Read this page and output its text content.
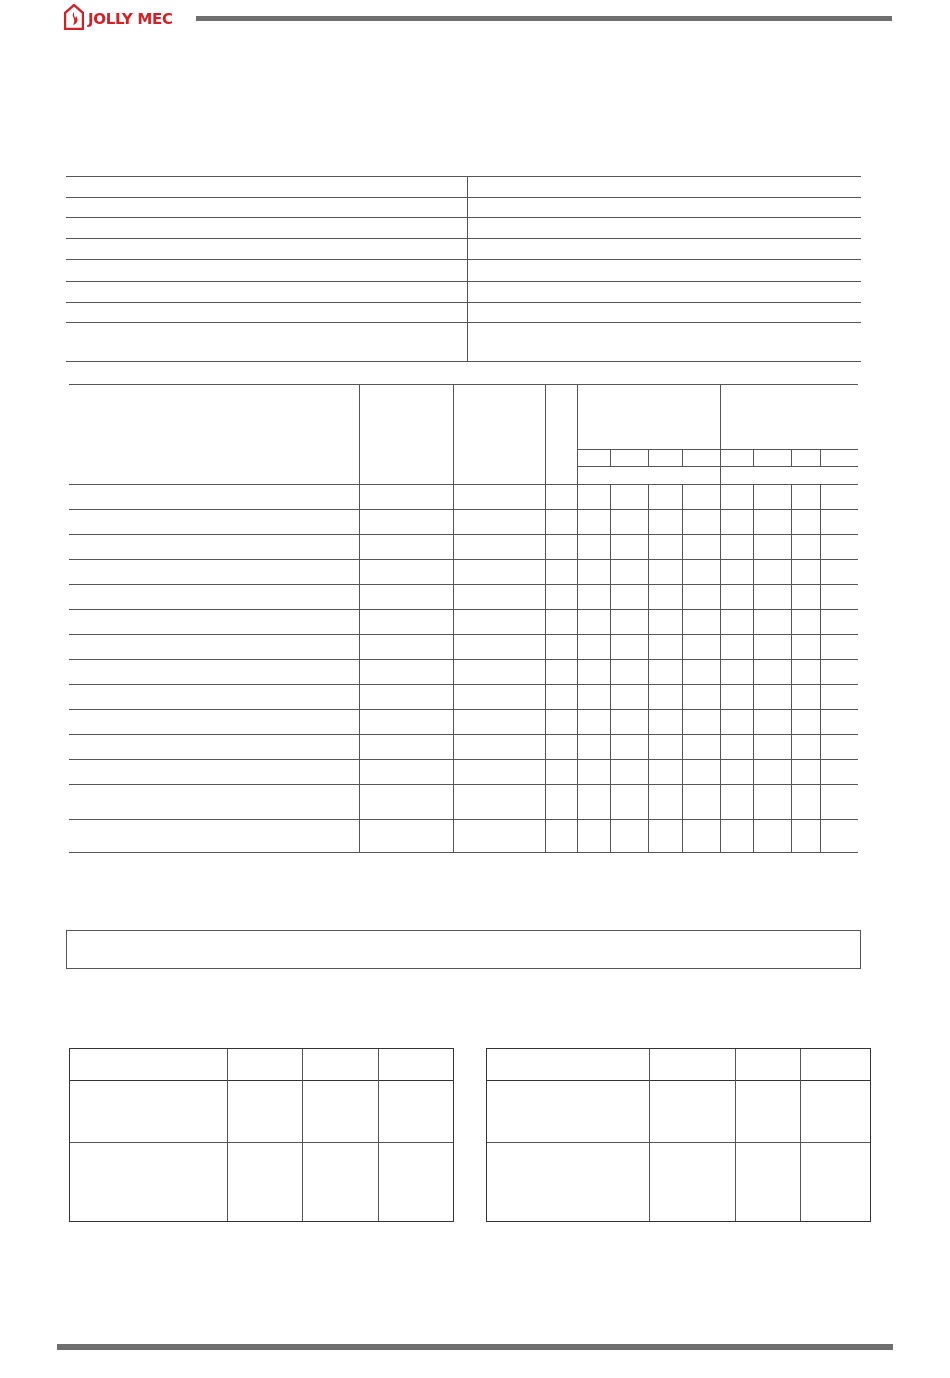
JOLLY MEC
